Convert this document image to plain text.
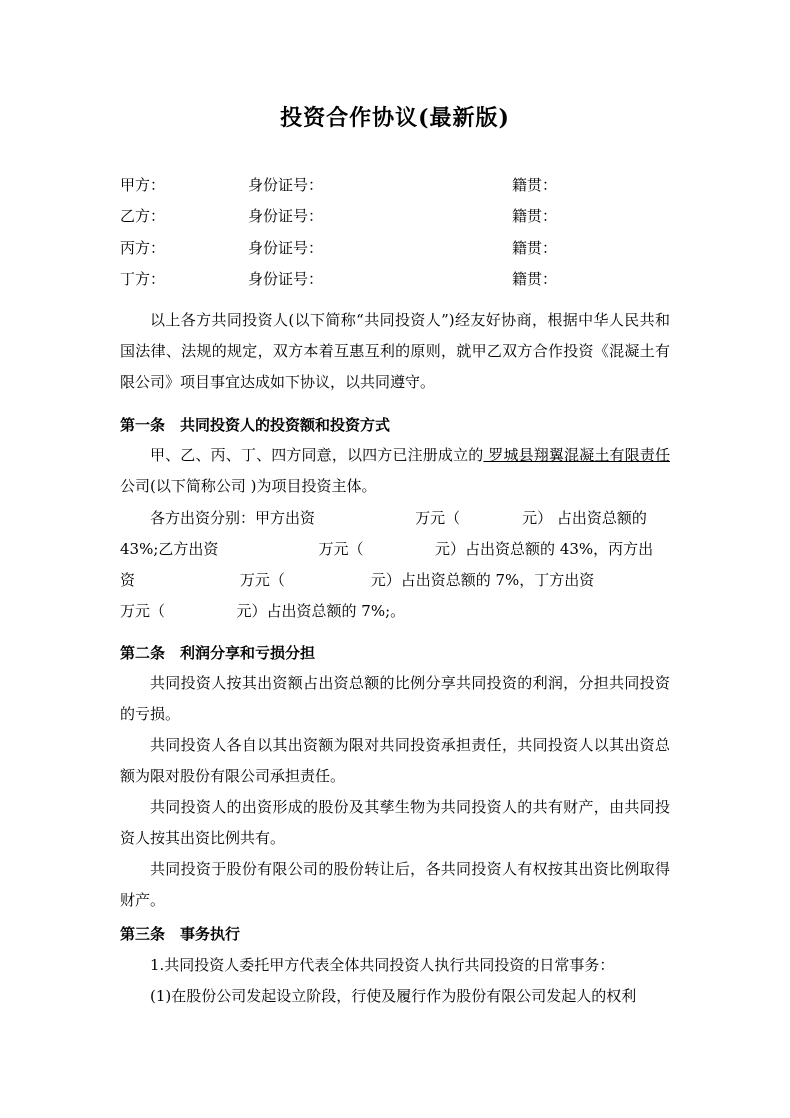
投资合作协议(最新版)
甲方：	身份证号：	籍贯：
乙方：	身份证号：	籍贯：
丙方：	身份证号：	籍贯：
丁方：	身份证号：	籍贯：
以上各方共同投资人(以下简称“共同投资人”)经友好协商，根据中华人民共和国法律、法规的规定，双方本着互惠互利的原则，就甲乙双方合作投资《混凝土有限公司》项目事宜达成如下协议，以共同遵守。
第一条　共同投资人的投资额和投资方式
甲、乙、丙、丁、四方同意，以四方已注册成立的 罗城县翔翼混凝土有限责任 公司(以下简称公司 )为项目投资主体。
各方出资分别：甲方出资                     万元（             元） 占出资总额的
43%;乙方出资                     万元（               元）占出资总额的 43%，丙方出
资                      万元（                  元）占出资总额的 7%，丁方出资
万元（               元）占出资总额的 7%;。
第二条　利润分享和亏损分担
共同投资人按其出资额占出资总额的比例分享共同投资的利润，分担共同投资的亏损。
共同投资人各自以其出资额为限对共同投资承担责任，共同投资人以其出资总额为限对股份有限公司承担责任。
共同投资人的出资形成的股份及其孳生物为共同投资人的共有财产，由共同投资人按其出资比例共有。
共同投资于股份有限公司的股份转让后，各共同投资人有权按其出资比例取得财产。
第三条　事务执行
1.共同投资人委托甲方代表全体共同投资人执行共同投资的日常事务：
(1)在股份公司发起设立阶段，行使及履行作为股份有限公司发起人的权利
